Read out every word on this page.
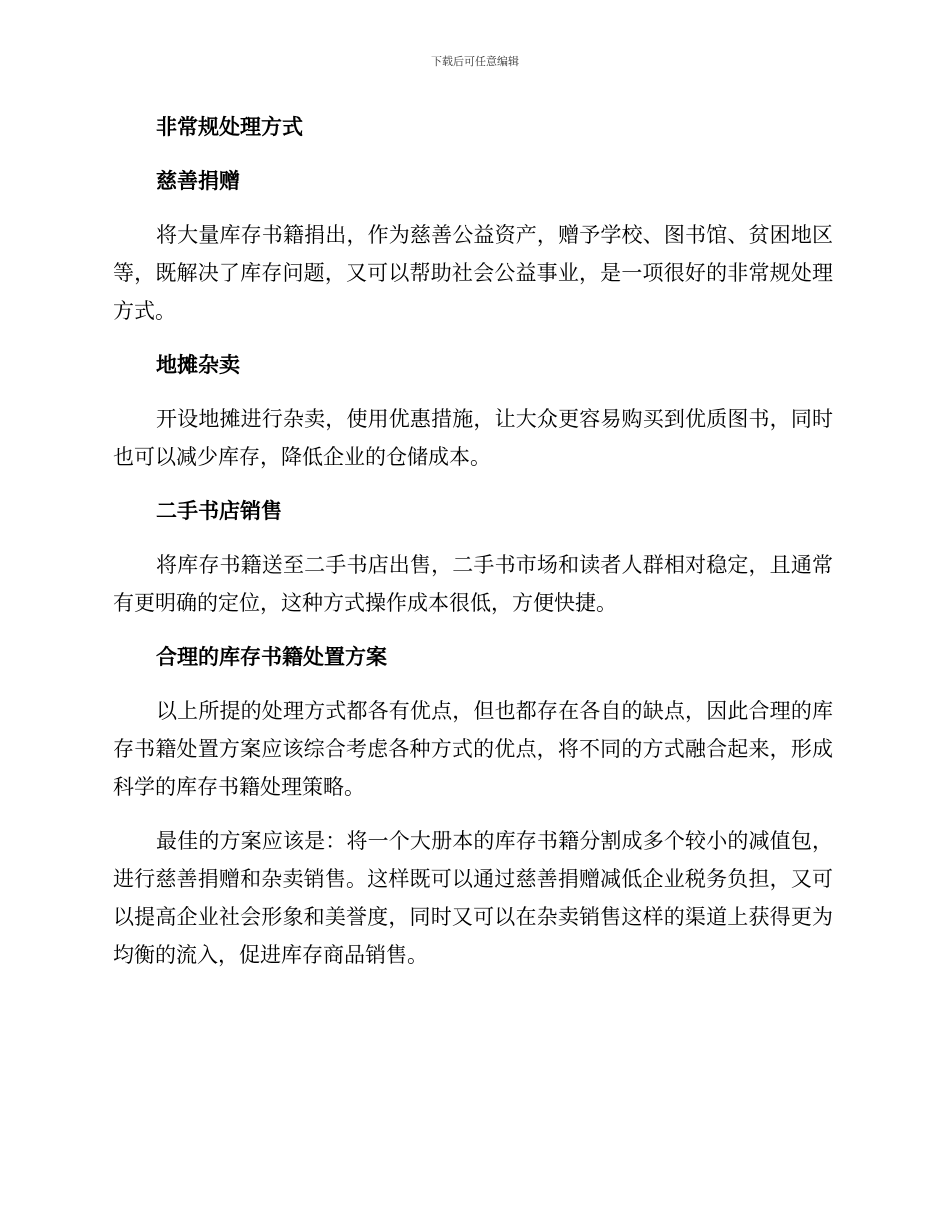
下载后可任意编辑
非常规处理方式
慈善捐赠

将大量库存书籍捐出，作为慈善公益资产，赠予学校、图书馆、贫困地区等，既解决了库存问题，又可以帮助社会公益事业，是一项很好的非常规处理方式。

地摊杂卖

开设地摊进行杂卖，使用优惠措施，让大众更容易购买到优质图书，同时也可以减少库存，降低企业的仓储成本。

二手书店销售

将库存书籍送至二手书店出售，二手书市场和读者人群相对稳定，且通常有更明确的定位，这种方式操作成本很低，方便快捷。

合理的库存书籍处置方案

以上所提的处理方式都各有优点，但也都存在各自的缺点，因此合理的库存书籍处置方案应该综合考虑各种方式的优点，将不同的方式融合起来，形成科学的库存书籍处理策略。

最佳的方案应该是：将一个大册本的库存书籍分割成多个较小的减值包，进行慈善捐赠和杂卖销售。这样既可以通过慈善捐赠减低企业税务负担，又可以提高企业社会形象和美誉度，同时又可以在杂卖销售这样的渠道上获得更为均衡的流入，促进库存商品销售。
